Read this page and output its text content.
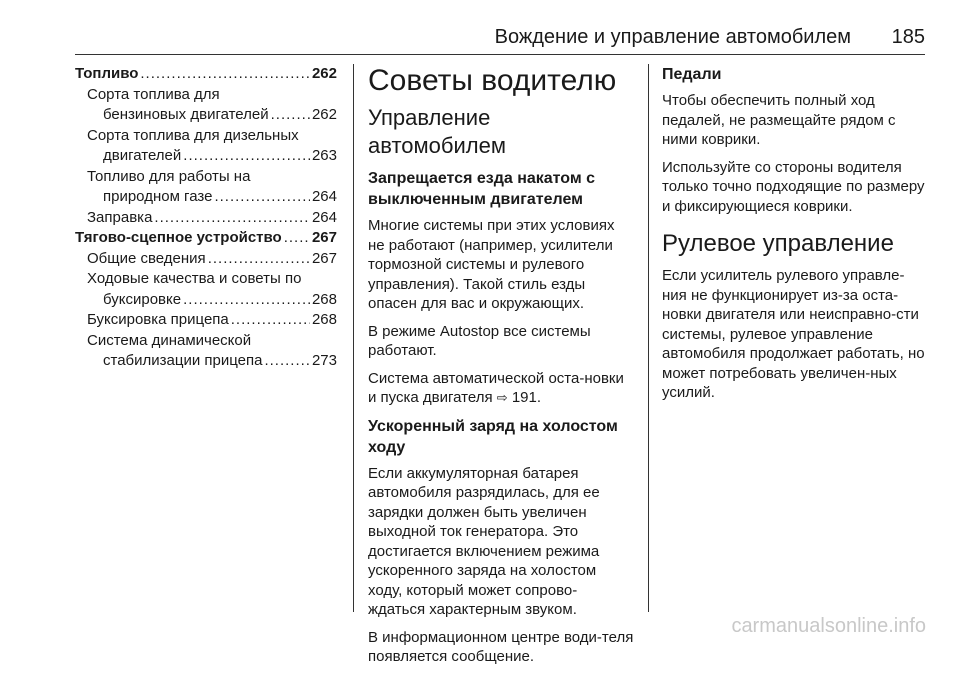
Вождение и управление автомобилем 185
Топливо .....	262
Сорта топлива для
бензиновых двигателей .....	262
Сорта топлива для дизельных
двигателей .....	263
Топливо для работы на
природном газе .....	264
Заправка .....	264
Тягово-сцепное устройство ..... 267
Общие сведения .....	267
Ходовые качества и советы по
буксировке .....	268
Буксировка прицепа .....	268
Система динамической
стабилизации прицепа .....	273
Советы водителю
Управление автомобилем
Запрещается езда накатом с выключенным двигателем

Многие системы при этих условиях не работают (например, усилители тормозной системы и рулевого управления). Такой стиль езды опасен для вас и окружающих.

В режиме Autostop все системы работают.

Система автоматической оста-новки и пуска двигателя ⇨ 191.

Ускоренный заряд на холостом ходу

Если аккумуляторная батарея автомобиля разрядилась, для ее зарядки должен быть увеличен выходной ток генератора. Это достигается включением режима ускоренного заряда на холостом ходу, который может сопрово-ждаться характерным звуком.

В информационном центре води-теля появляется сообщение.

Педали

Чтобы обеспечить полный ход педалей, не размещайте рядом с ними коврики.

Используйте со стороны водителя только точно подходящие по размеру и фиксирующиеся коврики.

Рулевое управление

Если усилитель рулевого управле-ния не функционирует из-за оста-новки двигателя или неисправно-сти системы, рулевое управление автомобиля продолжает работать, но может потребовать увеличен-ных усилий.

carmanualsonline.info
